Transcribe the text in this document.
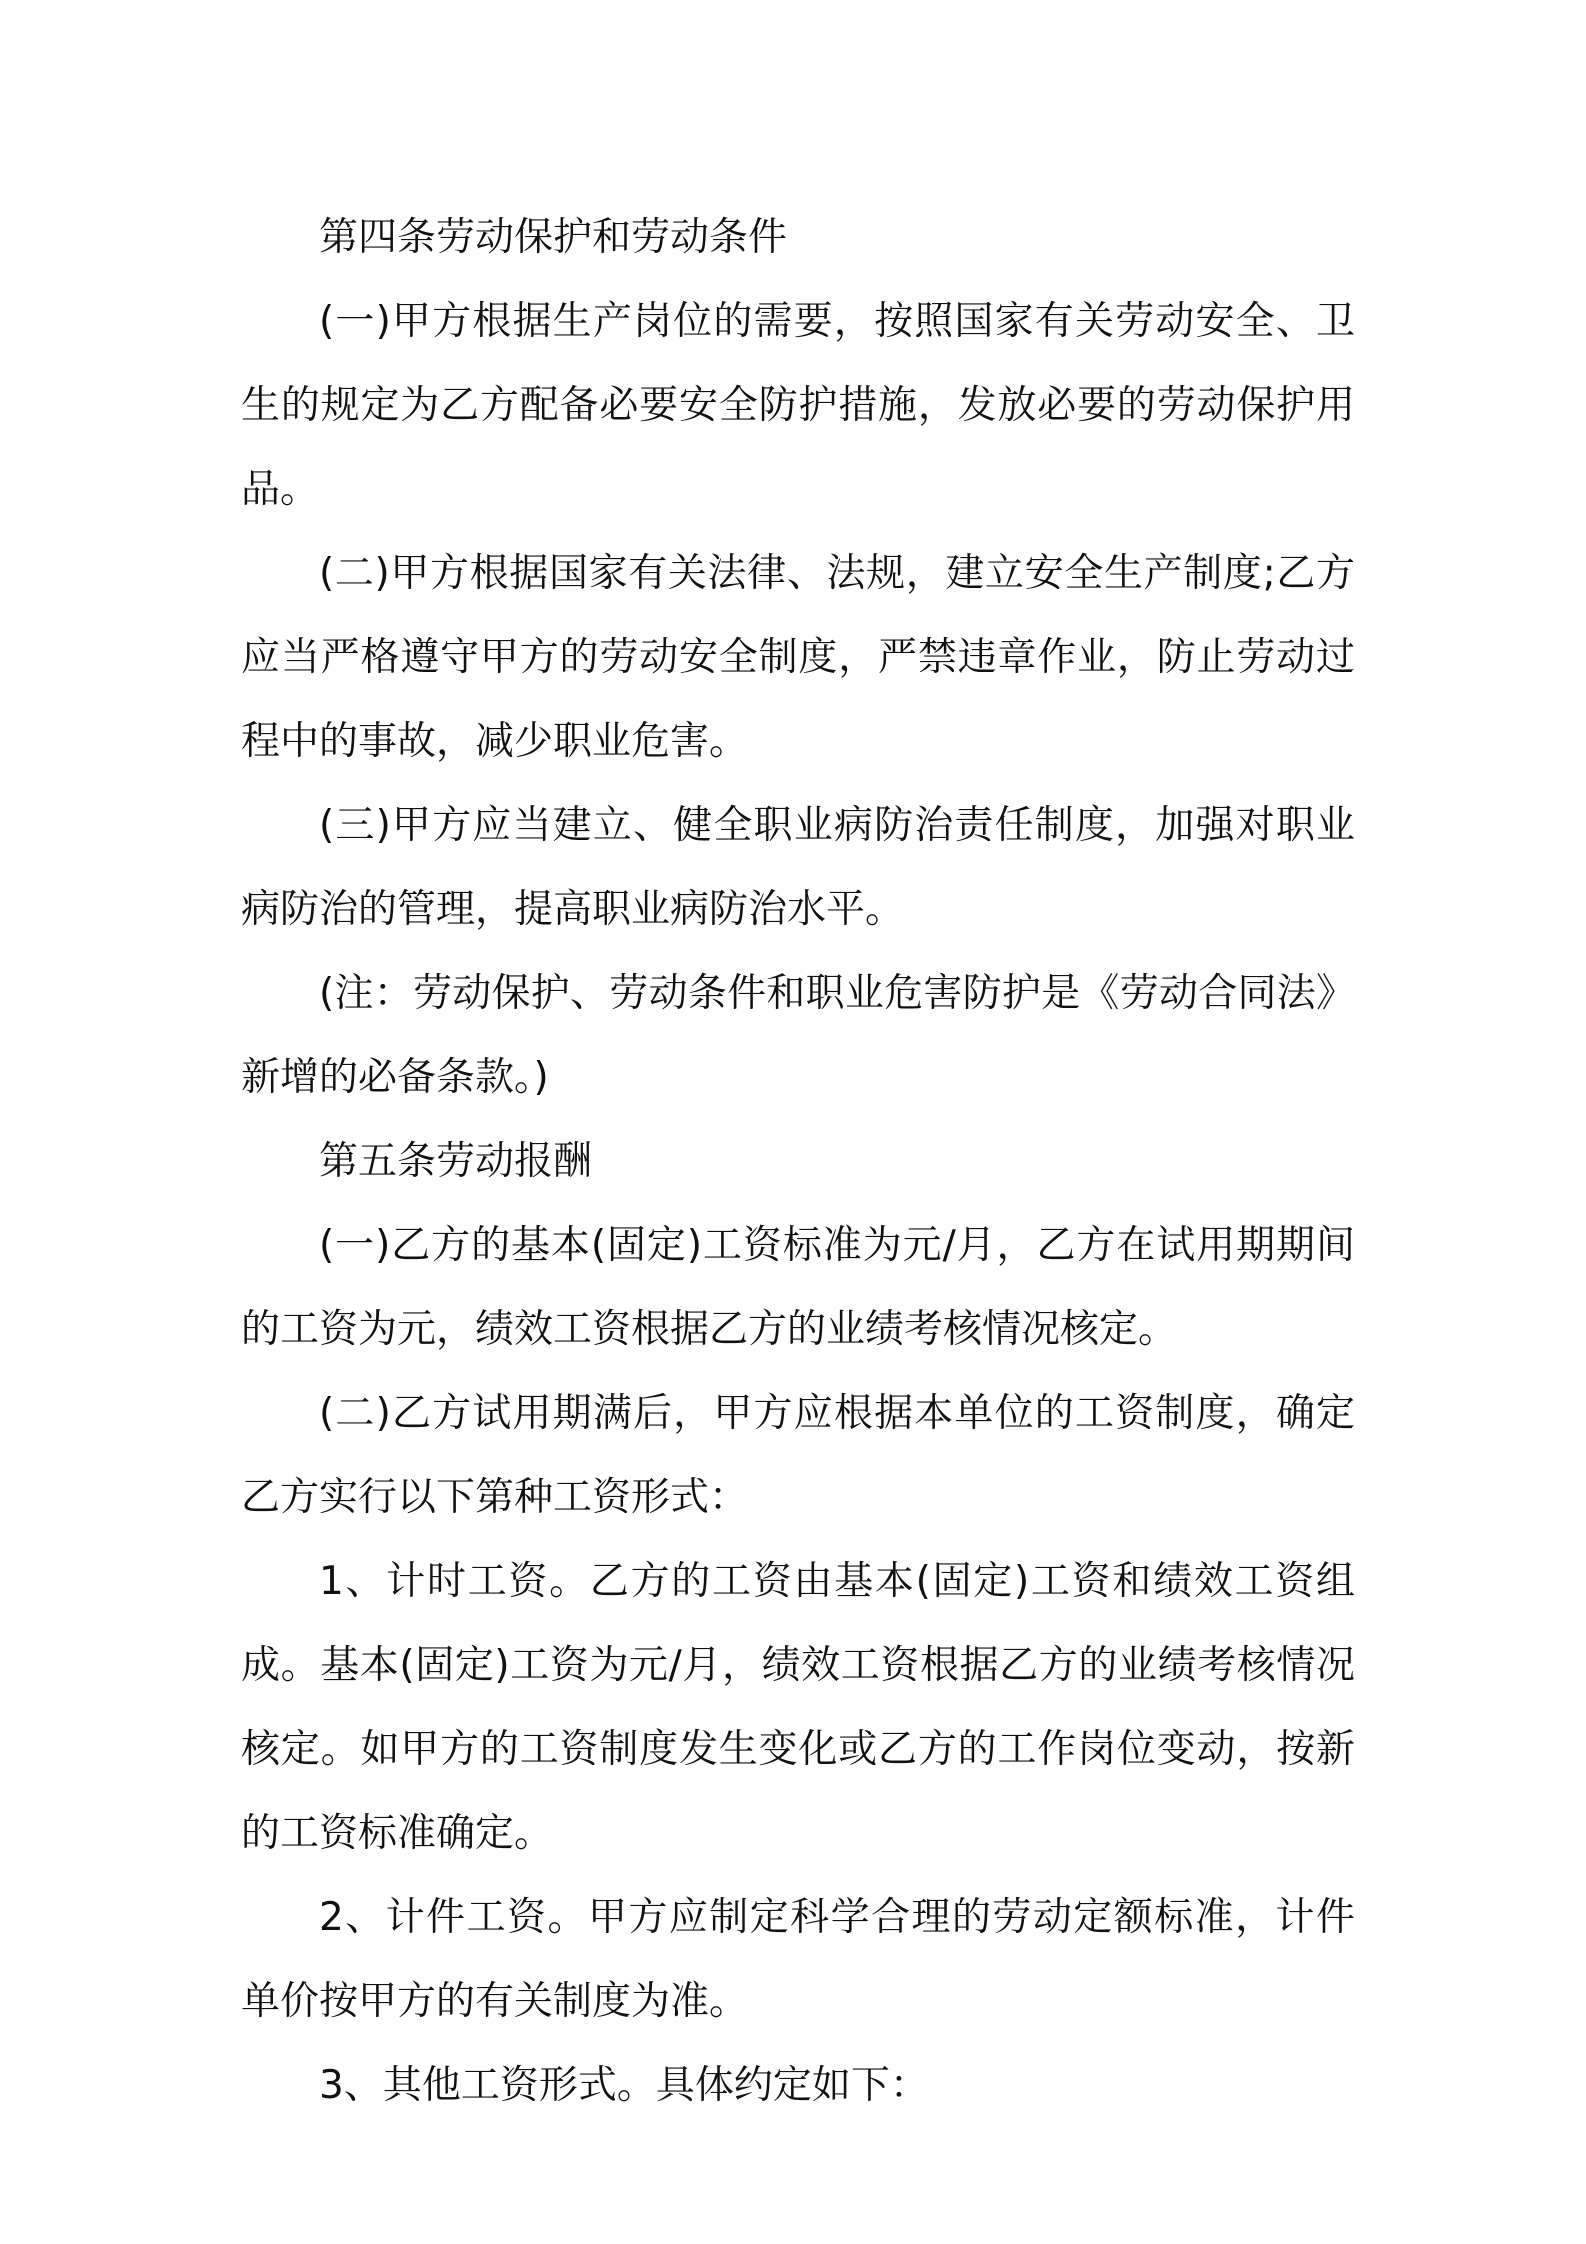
第四条劳动保护和劳动条件

(一)甲方根据生产岗位的需要，按照国家有关劳动安全、卫生的规定为乙方配备必要安全防护措施，发放必要的劳动保护用品。

(二)甲方根据国家有关法律、法规，建立安全生产制度;乙方应当严格遵守甲方的劳动安全制度，严禁违章作业，防止劳动过程中的事故，减少职业危害。

(三)甲方应当建立、健全职业病防治责任制度，加强对职业病防治的管理，提高职业病防治水平。

(注：劳动保护、劳动条件和职业危害防护是《劳动合同法》新增的必备条款。)

第五条劳动报酬

(一)乙方的基本(固定)工资标准为元/月，乙方在试用期期间的工资为元，绩效工资根据乙方的业绩考核情况核定。

(二)乙方试用期满后，甲方应根据本单位的工资制度，确定乙方实行以下第种工资形式：

1、计时工资。乙方的工资由基本(固定)工资和绩效工资组成。基本(固定)工资为元/月，绩效工资根据乙方的业绩考核情况核定。如甲方的工资制度发生变化或乙方的工作岗位变动，按新的工资标准确定。

2、计件工资。甲方应制定科学合理的劳动定额标准，计件单价按甲方的有关制度为准。

3、其他工资形式。具体约定如下：
